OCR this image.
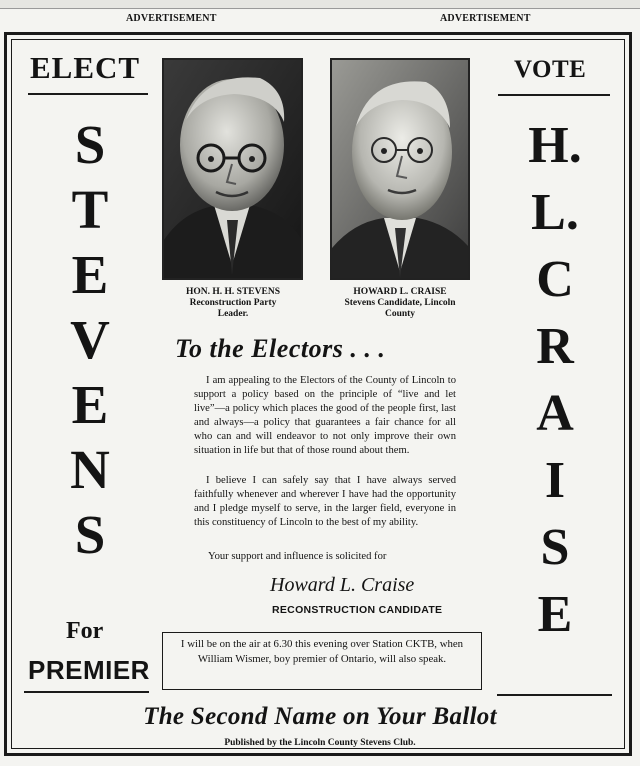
ADVERTISEMENT	ADVERTISEMENT
ELECT
S
T
E
V
E
N
S
For
PREMIER
VOTE
H.
L.
C
R
A
I
S
E
HON. H. H. STEVENS
Reconstruction Party
Leader.
HOWARD L. CRAISE
Stevens Candidate, Lincoln
County
To the Electors . . .
I am appealing to the Electors of the County of Lincoln to support a policy based on the principle of “live and let live”—a policy which places the good of the people first, last and always—a policy that guarantees a fair chance for all who can and will endeavor to not only improve their own situation in life but that of those round about them.
I believe I can safely say that I have always served faithfully whenever and wherever I have had the opportunity and I pledge myself to serve, in the larger field, everyone in this constituency of Lincoln to the best of my ability.
Your support and influence is solicited for
Howard L. Craise
RECONSTRUCTION CANDIDATE
I will be on the air at 6.30 this evening over Station CKTB, when William Wismer, boy premier of Ontario, will also speak.
The Second Name on Your Ballot
Published by the Lincoln County Stevens Club.
